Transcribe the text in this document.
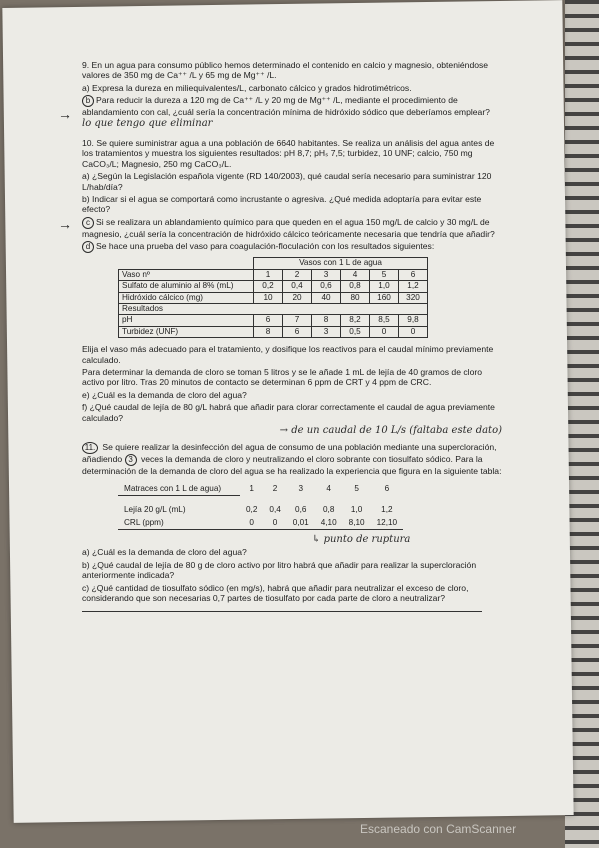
→
→

9. En un agua para consumo público hemos determinado el contenido en calcio y magnesio, obteniéndose valores de 350 mg de Ca⁺⁺ /L y 65 mg de Mg⁺⁺ /L.

a) Expresa la dureza en miliequivalentes/L, carbonato cálcico y grados hidrotimétricos.

b Para reducir la dureza a 120 mg de Ca⁺⁺ /L y 20 mg de Mg⁺⁺ /L, mediante el procedimiento de ablandamiento con cal, ¿cuál sería la concentración mínima de hidróxido sódico que deberíamos emplear? lo que tengo que eliminar

10. Se quiere suministrar agua a una población de 6640 habitantes. Se realiza un análisis del agua antes de los tratamientos y muestra los siguientes resultados: pH 8,7; pHₛ 7,5; turbidez, 10 UNF; calcio, 750 mg CaCO₃/L; Magnesio, 250 mg CaCO₃/L.

a) ¿Según la Legislación española vigente (RD 140/2003), qué caudal sería necesario para suministrar 120 L/hab/día?

b) Indicar si el agua se comportará como incrustante o agresiva. ¿Qué medida adoptaría para evitar este efecto?

c Si se realizara un ablandamiento químico para que queden en el agua 150 mg/L de calcio y 30 mg/L de magnesio, ¿cuál sería la concentración de hidróxido cálcico teóricamente necesaria que tendría que añadir?

d Se hace una prueba del vaso para coagulación-floculación con los resultados siguientes:

	Vasos con 1 L de agua					
Vaso nº	1	2	3	4	5	6
Sulfato de aluminio al 8% (mL)	0,2	0,4	0,6	0,8	1,0	1,2
Hidróxido cálcico (mg)	10	20	40	80	160	320
Resultados						
pH	6	7	8	8,2	8,5	9,8
Turbidez (UNF)	8	6	3	0,5	0	0

Elija el vaso más adecuado para el tratamiento, y dosifique los reactivos para el caudal mínimo previamente calculado.

Para determinar la demanda de cloro se toman 5 litros y se le añade 1 mL de lejía de 40 gramos de cloro activo por litro. Tras 20 minutos de contacto se determinan 6 ppm de CRT y 4 ppm de CRC.

e) ¿Cuál es la demanda de cloro del agua?

f) ¿Qué caudal de lejía de 80 g/L habrá que añadir para clorar correctamente el caudal de agua previamente calculado?

→ de un caudal de 10 L/s (faltaba este dato)

11. Se quiere realizar la desinfección del agua de consumo de una población mediante una supercloración, añadiendo 3 veces la demanda de cloro y neutralizando el cloro sobrante con tiosulfato sódico. Para la determinación de la demanda de cloro del agua se ha realizado la experiencia que figura en la siguiente tabla:

Matraces con 1 L de agua)	1	2	3	4	5	6

Lejía 20 g/L (mL)	0,2	0,4	0,6	0,8	1,0	1,2
CRL (ppm)	0	0	0,01	4,10	8,10	12,10

↳ punto de ruptura

a) ¿Cuál es la demanda de cloro del agua?

b) ¿Qué caudal de lejía de 80 g de cloro activo por litro habrá que añadir para realizar la supercloración anteriormente indicada?

c) ¿Qué cantidad de tiosulfato sódico (en mg/s), habrá que añadir para neutralizar el exceso de cloro, considerando que son necesarias 0,7 partes de tiosulfato por cada parte de cloro a neutralizar?

Escaneado con CamScanner
